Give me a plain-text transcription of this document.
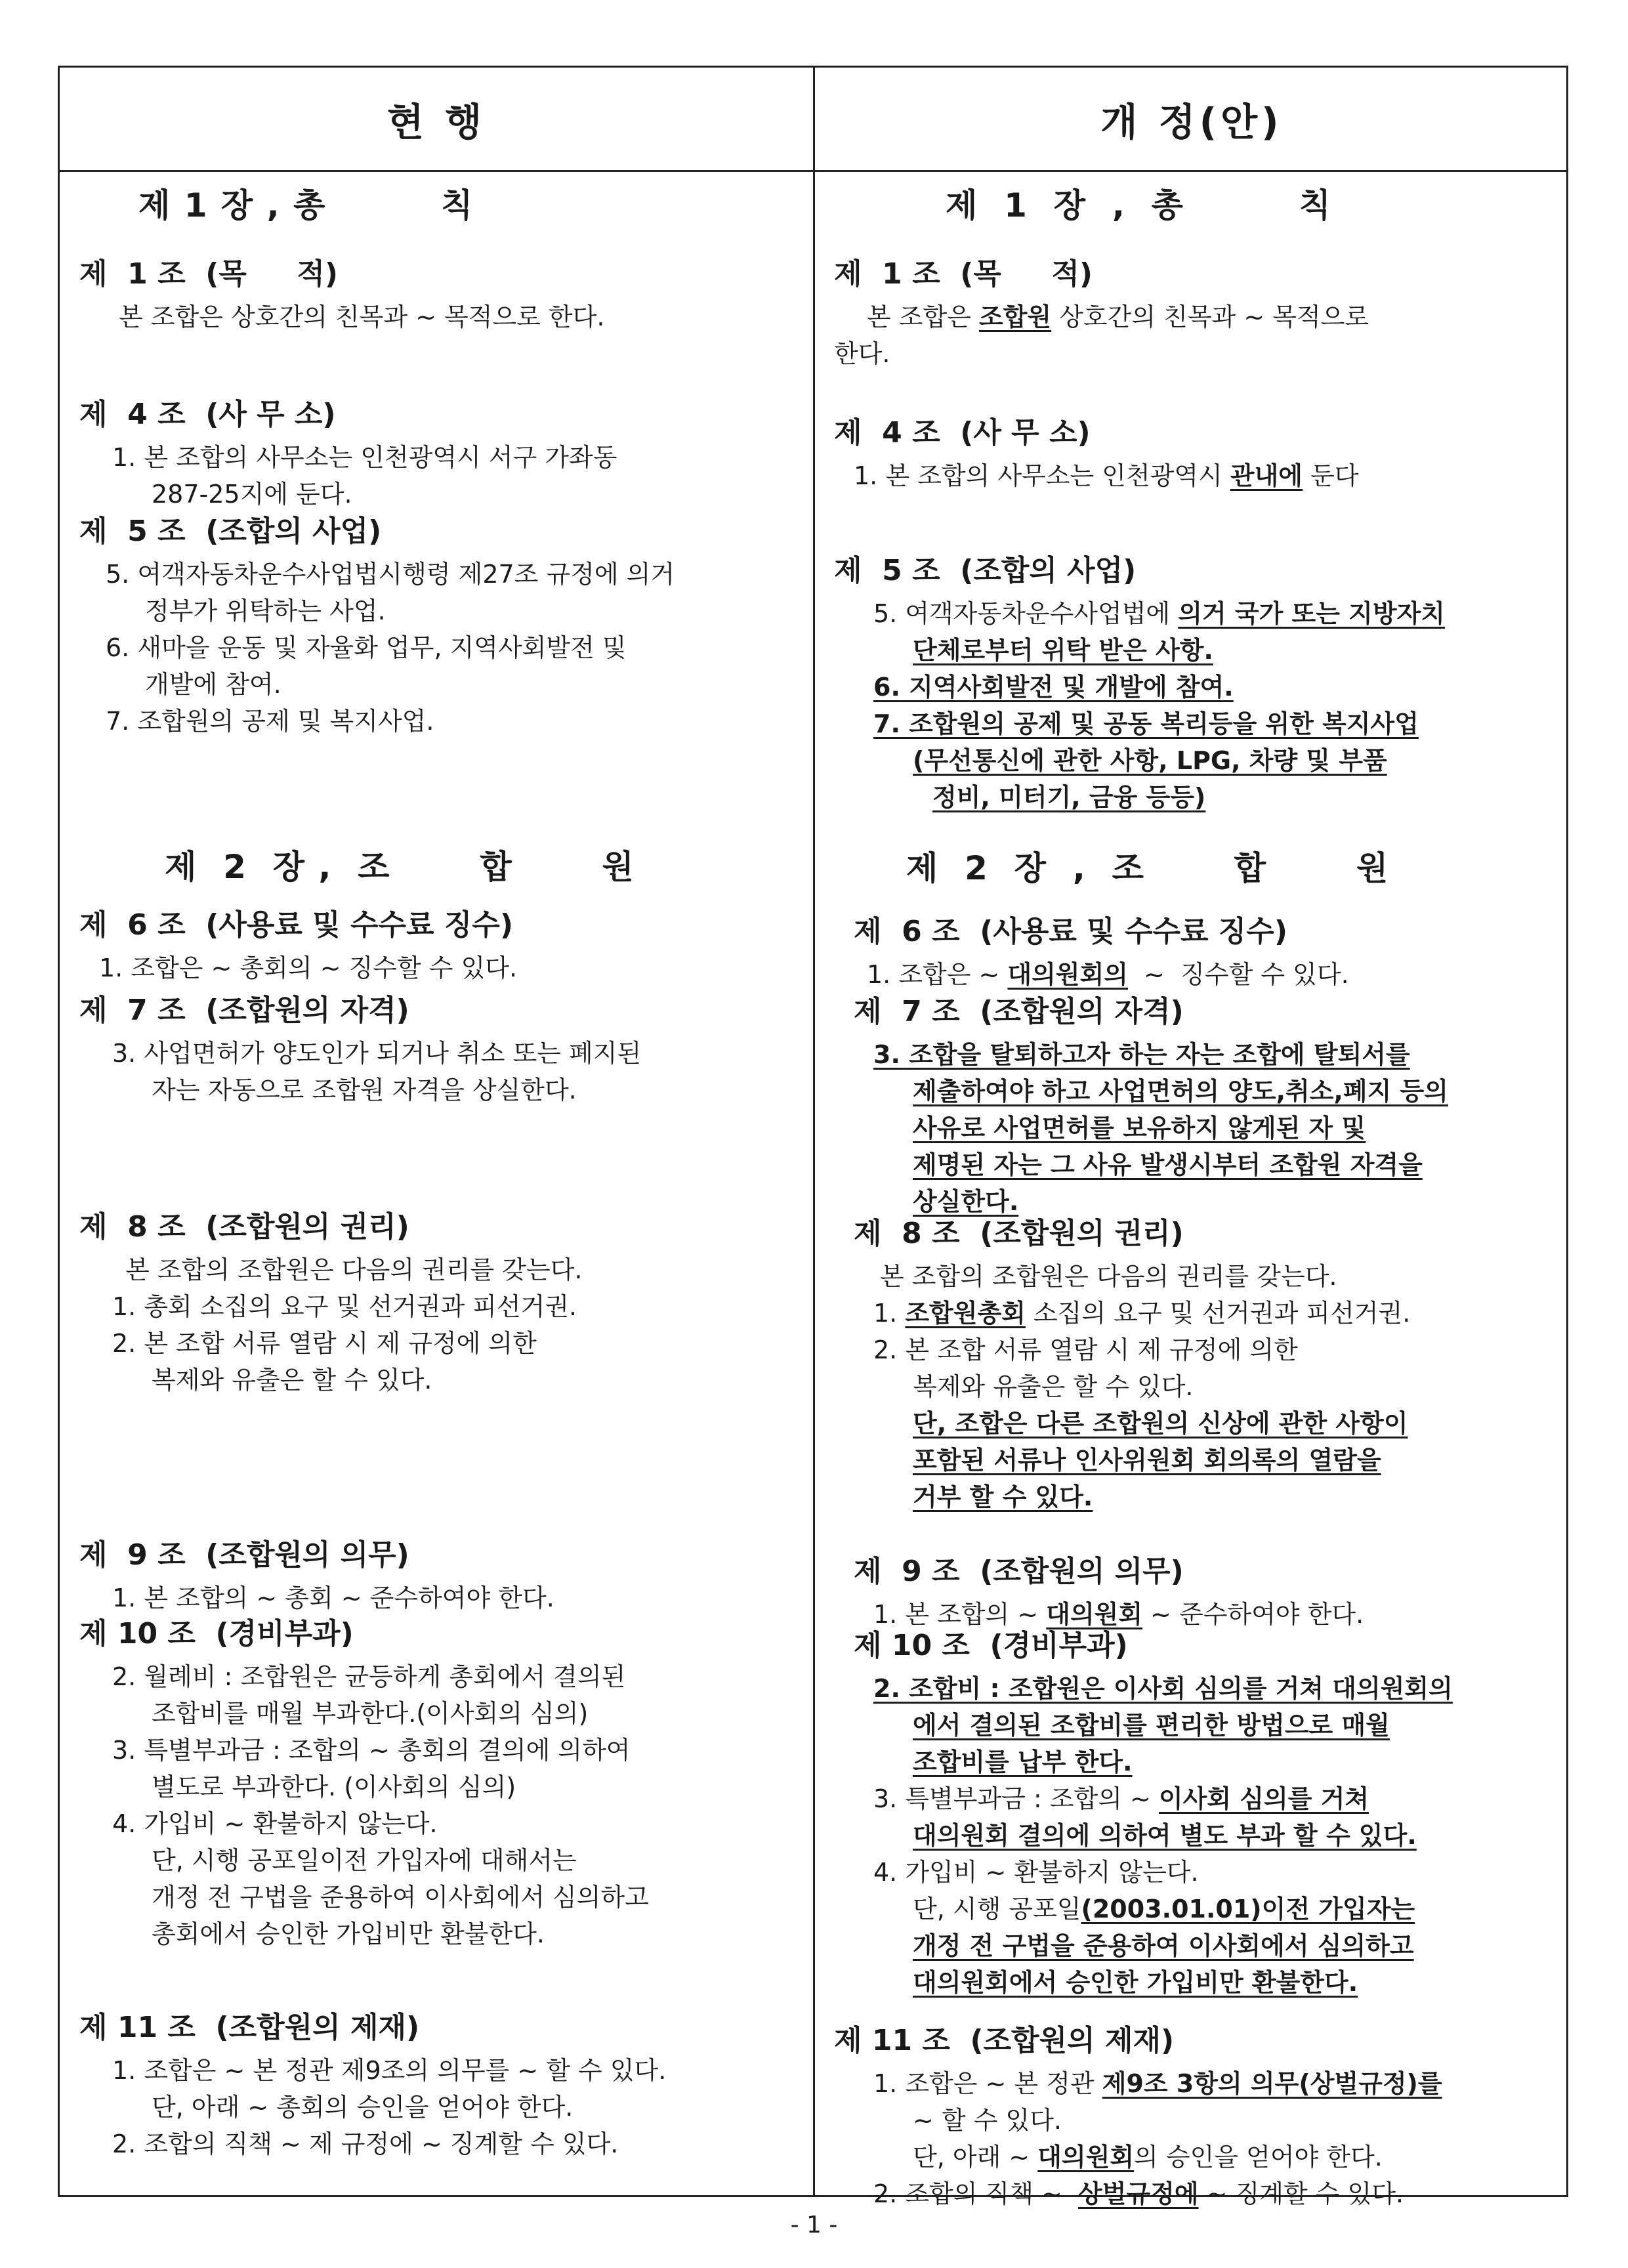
현 행	개 정(안)
제 1 장 , 총         칙
제  1 조  (목     적)
본 조합은 상호간의 친목과 ~ 목적으로 한다.
제  4 조  (사 무 소)
1. 본 조합의 사무소는 인천광역시 서구 가좌동
287-25지에 둔다.
제  5 조  (조합의 사업)
5. 여객자동차운수사업법시행령 제27조 규정에 의거
정부가 위탁하는 사업.
6. 새마을 운동 및 자율화 업무, 지역사회발전 및
개발에 참여.
7. 조합원의 공제 및 복지사업.
제  2  장 ,  조       합       원
제  6 조  (사용료 및 수수료 징수)
1. 조합은 ~ 총회의 ~ 징수할 수 있다.
제  7 조  (조합원의 자격)
3. 사업면허가 양도인가 되거나 취소 또는 폐지된
자는 자동으로 조합원 자격을 상실한다.
제  8 조  (조합원의 권리)
본 조합의 조합원은 다음의 권리를 갖는다.
1. 총회 소집의 요구 및 선거권과 피선거권.
2. 본 조합 서류 열람 시 제 규정에 의한
복제와 유출은 할 수 있다.
제  9 조  (조합원의 의무)
1. 본 조합의 ~ 총회 ~ 준수하여야 한다.
제 10 조  (경비부과)
2. 월례비 : 조합원은 균등하게 총회에서 결의된
조합비를 매월 부과한다.(이사회의 심의)
3. 특별부과금 : 조합의 ~ 총회의 결의에 의하여
별도로 부과한다. (이사회의 심의)
4. 가입비 ~ 환불하지 않는다.
단, 시행 공포일이전 가입자에 대해서는
개정 전 구법을 준용하여 이사회에서 심의하고
총회에서 승인한 가입비만 환불한다.
제 11 조  (조합원의 제재)
1. 조합은 ~ 본 정관 제9조의 의무를 ~ 할 수 있다.
단, 아래 ~ 총회의 승인을 얻어야 한다.
2. 조합의 직책 ~ 제 규정에 ~ 징계할 수 있다.
제  1  장  ,  총         칙
제  1 조  (목     적)
본 조합은 조합원 상호간의 친목과 ~ 목적으로
한다.
제  4 조  (사 무 소)
1. 본 조합의 사무소는 인천광역시 관내에 둔다
제  5 조  (조합의 사업)
5. 여객자동차운수사업법에 의거 국가 또는 지방자치
단체로부터 위탁 받은 사항.
6. 지역사회발전 및 개발에 참여.
7. 조합원의 공제 및 공동 복리등을 위한 복지사업
(무선통신에 관한 사항, LPG, 차량 및 부품
정비, 미터기, 금융 등등)
제  2  장  ,  조       합       원
제  6 조  (사용료 및 수수료 징수)
1. 조합은 ~ 대의원회의  ~  징수할 수 있다.
제  7 조  (조합원의 자격)
3. 조합을 탈퇴하고자 하는 자는 조합에 탈퇴서를
제출하여야 하고 사업면허의 양도,취소,폐지 등의
사유로 사업면허를 보유하지 않게된 자 및
제명된 자는 그 사유 발생시부터 조합원 자격을
상실한다.
제  8 조  (조합원의 권리)
본 조합의 조합원은 다음의 권리를 갖는다.
1. 조합원총회 소집의 요구 및 선거권과 피선거권.
2. 본 조합 서류 열람 시 제 규정에 의한
복제와 유출은 할 수 있다.
단, 조합은 다른 조합원의 신상에 관한 사항이
포함된 서류나 인사위원회 회의록의 열람을
거부 할 수 있다.
제  9 조  (조합원의 의무)
1. 본 조합의 ~ 대의원회 ~ 준수하여야 한다.
제 10 조  (경비부과)
2. 조합비 : 조합원은 이사회 심의를 거쳐 대의원회의
에서 결의된 조합비를 편리한 방법으로 매월
조합비를 납부 한다.
3. 특별부과금 : 조합의 ~ 이사회 심의를 거쳐
대의원회 결의에 의하여 별도 부과 할 수 있다.
4. 가입비 ~ 환불하지 않는다.
단, 시행 공포일(2003.01.01)이전 가입자는
개정 전 구법을 준용하여 이사회에서 심의하고
대의원회에서 승인한 가입비만 환불한다.
제 11 조  (조합원의 제재)
1. 조합은 ~ 본 정관 제9조 3항의 의무(상벌규정)를
~ 할 수 있다.
단, 아래 ~ 대의원회의 승인을 얻어야 한다.
2. 조합의 직책 ~  상벌규정에 ~ 징계할 수 있다.
- 1 -
